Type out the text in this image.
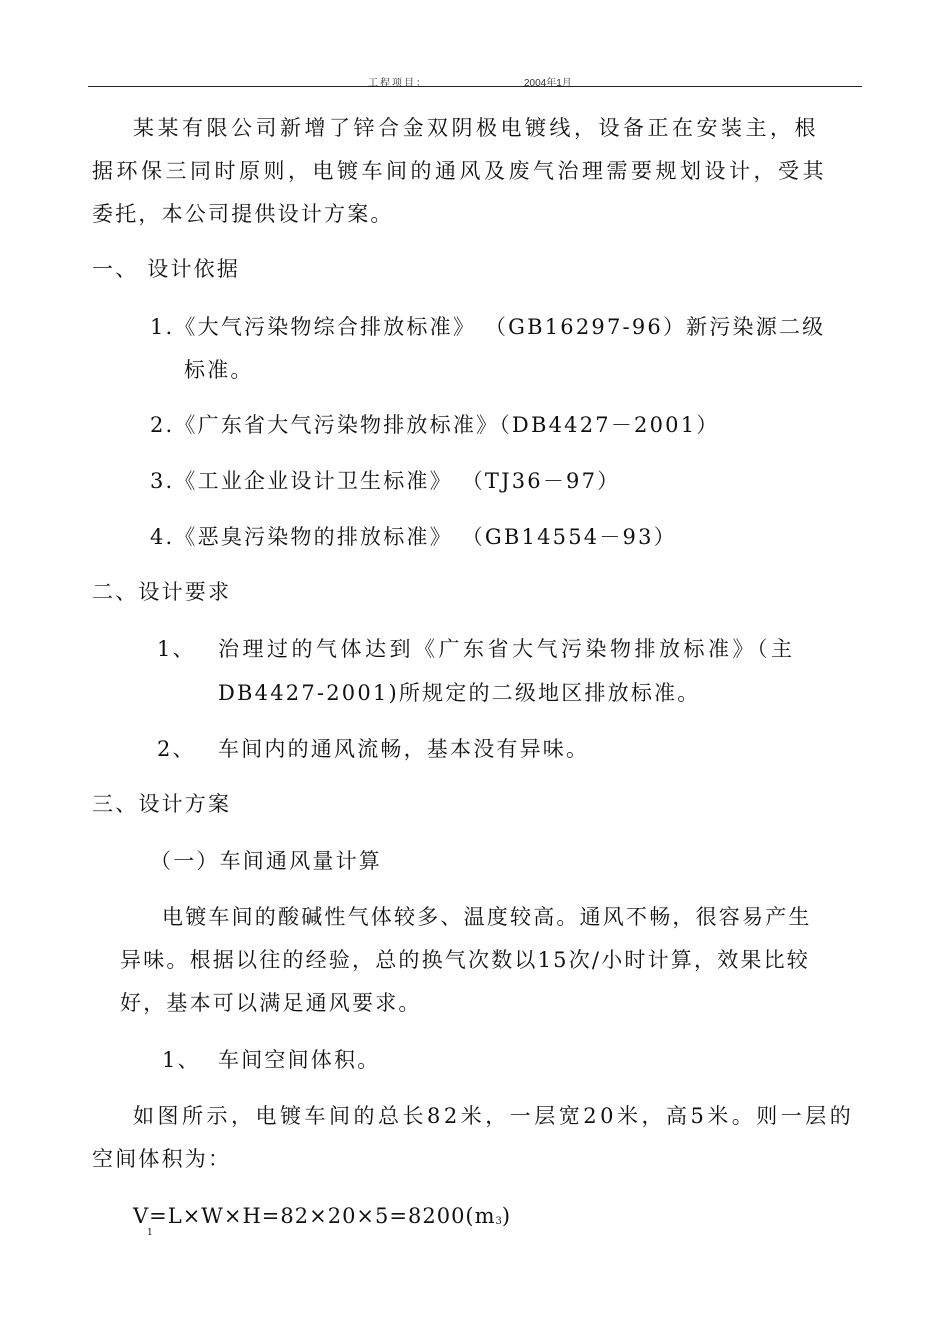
工程项目：	2004年1月
某某有限公司新增了锌合金双阴极电镀线，设备正在安装主，根
据环保三同时原则，电镀车间的通风及废气治理需要规划设计，受其
委托，本公司提供设计方案。
一、 设计依据
1.《大气污染物综合排放标准》 （GB16297-96）新污染源二级
标准。
2.《广东省大气污染物排放标准》（DB4427－2001）
3.《工业企业设计卫生标准》 （TJ36－97）
4.《恶臭污染物的排放标准》 （GB14554－93）
二、设计要求
1、 治理过的气体达到《广东省大气污染物排放标准》（主
DB4427-2001)所规定的二级地区排放标准。
2、 车间内的通风流畅，基本没有异味。
三、设计方案
（一）车间通风量计算
电镀车间的酸碱性气体较多、温度较高。通风不畅，很容易产生
异味。根据以往的经验，总的换气次数以15次/小时计算，效果比较
好，基本可以满足通风要求。
1、 车间空间体积。
如图所示，电镀车间的总长82米，一层宽20米，高5米。则一层的
空间体积为：
V=L×W×H=82×20×5=8200(m3)
1
